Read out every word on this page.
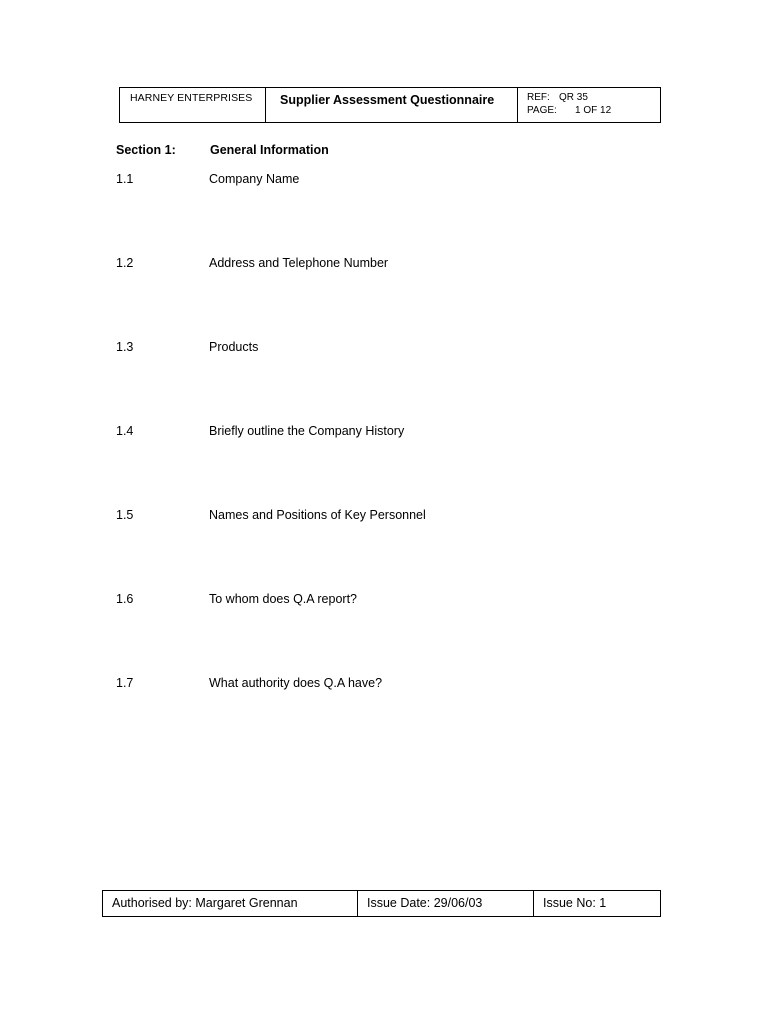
HARNEY ENTERPRISES	Supplier Assessment Questionnaire	REF: QR 35
PAGE:	1 OF 12
Section 1:	General Information
1.1	Company Name
1.2	Address and Telephone Number
1.3	Products
1.4	Briefly outline the Company History
1.5	Names and Positions of Key Personnel
1.6	To whom does Q.A report?
1.7	What authority does Q.A have?
Authorised by: Margaret Grennan	Issue Date: 29/06/03	Issue No: 1
